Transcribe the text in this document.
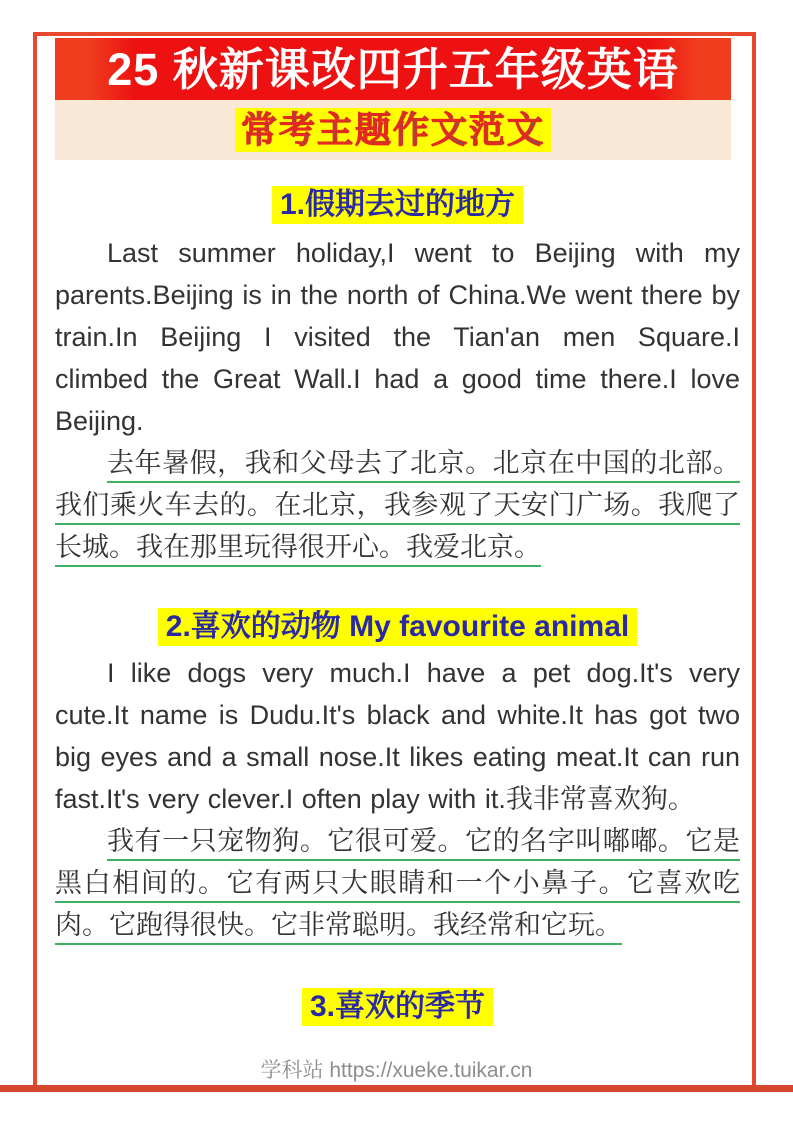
25 秋新课改四升五年级英语
常考主题作文范文
1.假期去过的地方

Last summer holiday,I went to Beijing with my parents.Beijing is in the north of China.We went there by train.In Beijing I visited the Tian'an men Square.I climbed the Great Wall.I had a good time there.I love Beijing.

去年暑假，我和父母去了北京。北京在中国的北部。我们乘火车去的。在北京，我参观了天安门广场。我爬了长城。我在那里玩得很开心。我爱北京。

2.喜欢的动物 My favourite animal

I like dogs very much.I have a pet dog.It's very cute.It name is Dudu.It's black and white.It has got two big eyes and a small nose.It likes eating meat.It can run fast.It's very clever.I often play with it.我非常喜欢狗。

我有一只宠物狗。它很可爱。它的名字叫嘟嘟。它是黑白相间的。它有两只大眼睛和一个小鼻子。它喜欢吃肉。它跑得很快。它非常聪明。我经常和它玩。

3.喜欢的季节
学科站 https://xueke.tuikar.cn
